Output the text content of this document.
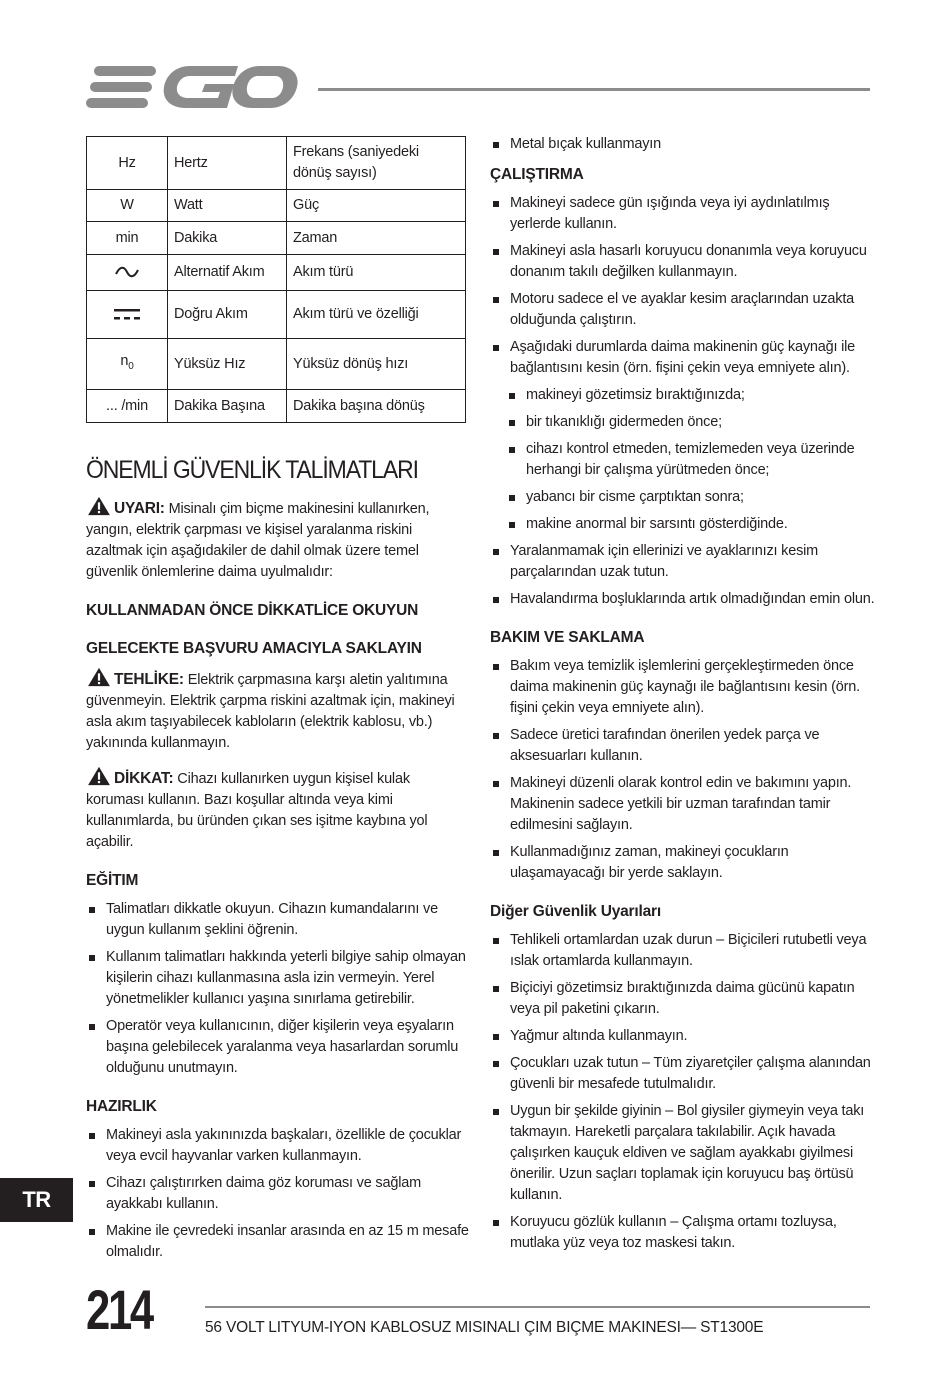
Hz	Hertz	Frekans (saniyedeki dönüş sayısı)
W	Watt	Güç
min	Dakika	Zaman
	Alternatif Akım	Akım türü
	Doğru Akım	Akım türü ve özelliği
$n_0$	Yüksüz Hız	Yüksüz dönüş hızı
... /min	Dakika Başına	Dakika başına dönüş
ÖNEMLİ GÜVENLİK TALİMATLARI

UYARI: Misinalı çim biçme makinesini kullanırken, yangın, elektrik çarpması ve kişisel yaralanma riskini azaltmak için aşağıdakiler de dahil olmak üzere temel güvenlik önlemlerine daima uyulmalıdır:

KULLANMADAN ÖNCE DİKKATLİCE OKUYUN
GELECEKTE BAŞVURU AMACIYLA SAKLAYIN

TEHLİKE: Elektrik çarpmasına karşı aletin yalıtımına güvenmeyin. Elektrik çarpma riskini azaltmak için, makineyi asla akım taşıyabilecek kabloların (elektrik kablosu, vb.) yakınında kullanmayın.

DİKKAT: Cihazı kullanırken uygun kişisel kulak koruması kullanın. Bazı koşullar altında veya kimi kullanımlarda, bu üründen çıkan ses işitme kaybına yol açabilir.

EĞİTIM
Talimatları dikkatle okuyun. Cihazın kumandalarını ve uygun kullanım şeklini öğrenin.
Kullanım talimatları hakkında yeterli bilgiye sahip olmayan kişilerin cihazı kullanmasına asla izin vermeyin. Yerel yönetmelikler kullanıcı yaşına sınırlama getirebilir.
Operatör veya kullanıcının, diğer kişilerin veya eşyaların başına gelebilecek yaralanma veya hasarlardan sorumlu olduğunu unutmayın.
HAZIRLIK
Makineyi asla yakınınızda başkaları, özellikle de çocuklar veya evcil hayvanlar varken kullanmayın.
Cihazı çalıştırırken daima göz koruması ve sağlam ayakkabı kullanın.
Makine ile çevredeki insanlar arasında en az 15 m mesafe olmalıdır.
Metal bıçak kullanmayın
ÇALIŞTIRMA
Makineyi sadece gün ışığında veya iyi aydınlatılmış yerlerde kullanın.
Makineyi asla hasarlı koruyucu donanımla veya koruyucu donanım takılı değilken kullanmayın.
Motoru sadece el ve ayaklar kesim araçlarından uzakta olduğunda çalıştırın.
Aşağıdaki durumlarda daima makinenin güç kaynağı ile bağlantısını kesin (örn. fişini çekin veya emniyete alın).
makineyi gözetimsiz bıraktığınızda;
bir tıkanıklığı gidermeden önce;
cihazı kontrol etmeden, temizlemeden veya üzerinde herhangi bir çalışma yürütmeden önce;
yabancı bir cisme çarptıktan sonra;
makine anormal bir sarsıntı gösterdiğinde.
Yaralanmamak için ellerinizi ve ayaklarınızı kesim parçalarından uzak tutun.
Havalandırma boşluklarında artık olmadığından emin olun.
BAKIM VE SAKLAMA
Bakım veya temizlik işlemlerini gerçekleştirmeden önce daima makinenin güç kaynağı ile bağlantısını kesin (örn. fişini çekin veya emniyete alın).
Sadece üretici tarafından önerilen yedek parça ve aksesuarları kullanın.
Makineyi düzenli olarak kontrol edin ve bakımını yapın. Makinenin sadece yetkili bir uzman tarafından tamir edilmesini sağlayın.
Kullanmadığınız zaman, makineyi çocukların ulaşamayacağı bir yerde saklayın.
Diğer Güvenlik Uyarıları
Tehlikeli ortamlardan uzak durun – Biçicileri rutubetli veya ıslak ortamlarda kullanmayın.
Biçiciyi gözetimsiz bıraktığınızda daima gücünü kapatın veya pil paketini çıkarın.
Yağmur altında kullanmayın.
Çocukları uzak tutun – Tüm ziyaretçiler çalışma alanından güvenli bir mesafede tutulmalıdır.
Uygun bir şekilde giyinin – Bol giysiler giymeyin veya takı takmayın. Hareketli parçalara takılabilir. Açık havada çalışırken kauçuk eldiven ve sağlam ayakkabı giyilmesi önerilir. Uzun saçları toplamak için koruyucu baş örtüsü kullanın.
Koruyucu gözlük kullanın – Çalışma ortamı tozluysa, mutlaka yüz veya toz maskesi takın.
TR
214	56 VOLT LITYUM-IYON KABLOSUZ MISINALI ÇIM BIÇME MAKINESI— ST1300E
